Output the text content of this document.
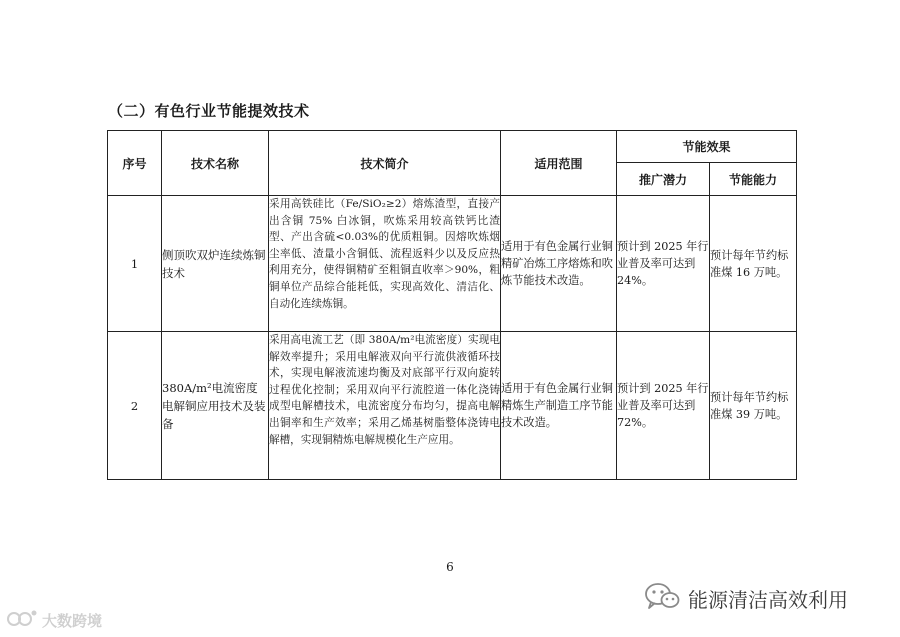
（二）有色行业节能提效技术
序号	技术名称	技术简介	适用范围	节能效果	
				推广潜力	节能能力
1	侧顶吹双炉连续炼铜技术	采用高铁硅比（Fe/SiO₂≥2）熔炼渣型，直接产出含铜 75% 白冰铜，吹炼采用较高铁钙比渣型、产出含硫<0.03%的优质粗铜。因熔吹炼烟尘率低、渣量小含铜低、流程返料少以及反应热利用充分，使得铜精矿至粗铜直收率＞90%，粗铜单位产品综合能耗低，实现高效化、清洁化、自动化连续炼铜。	适用于有色金属行业铜精矿冶炼工序熔炼和吹炼节能技术改造。	预计到 2025 年行业普及率可达到 24%。	预计每年节约标准煤 16 万吨。
2	380A/m²电流密度电解铜应用技术及装备	采用高电流工艺（即 380A/m²电流密度）实现电解效率提升；采用电解液双向平行流供液循环技术，实现电解液流速均衡及对底部平行双向旋转过程优化控制；采用双向平行流腔道一体化浇铸成型电解槽技术，电流密度分布均匀，提高电解出铜率和生产效率；采用乙烯基树脂整体浇铸电解槽，实现铜精炼电解规模化生产应用。	适用于有色金属行业铜精炼生产制造工序节能技术改造。	预计到 2025 年行业普及率可达到 72%。	预计每年节约标准煤 39 万吨。
6
大数跨境
能源清洁高效利用
